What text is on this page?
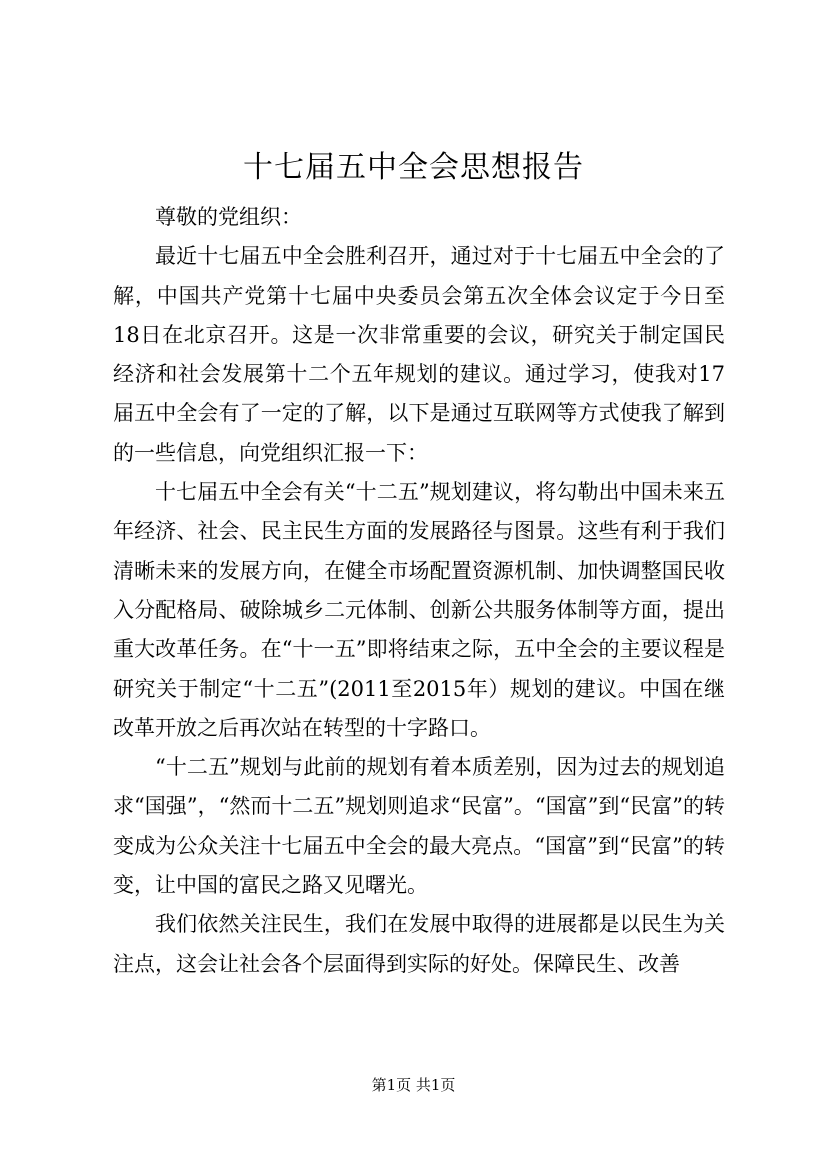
十七届五中全会思想报告

尊敬的党组织：

最近十七届五中全会胜利召开，通过对于十七届五中全会的了解，中国共产党第十七届中央委员会第五次全体会议定于今日至18日在北京召开。这是一次非常重要的会议，研究关于制定国民经济和社会发展第十二个五年规划的建议。通过学习，使我对17届五中全会有了一定的了解，以下是通过互联网等方式使我了解到的一些信息，向党组织汇报一下：

十七届五中全会有关“十二五”规划建议，将勾勒出中国未来五年经济、社会、民主民生方面的发展路径与图景。这些有利于我们清晰未来的发展方向，在健全市场配置资源机制、加快调整国民收入分配格局、破除城乡二元体制、创新公共服务体制等方面，提出重大改革任务。在“十一五”即将结束之际，五中全会的主要议程是研究关于制定“十二五”(2011至2015年）规划的建议。中国在继改革开放之后再次站在转型的十字路口。

“十二五”规划与此前的规划有着本质差别，因为过去的规划追求“国强”，“然而十二五”规划则追求“民富”。“国富”到“民富”的转变成为公众关注十七届五中全会的最大亮点。“国富”到“民富”的转变，让中国的富民之路又见曙光。

我们依然关注民生，我们在发展中取得的进展都是以民生为关注点，这会让社会各个层面得到实际的好处。保障民生、改善

第1页 共1页
